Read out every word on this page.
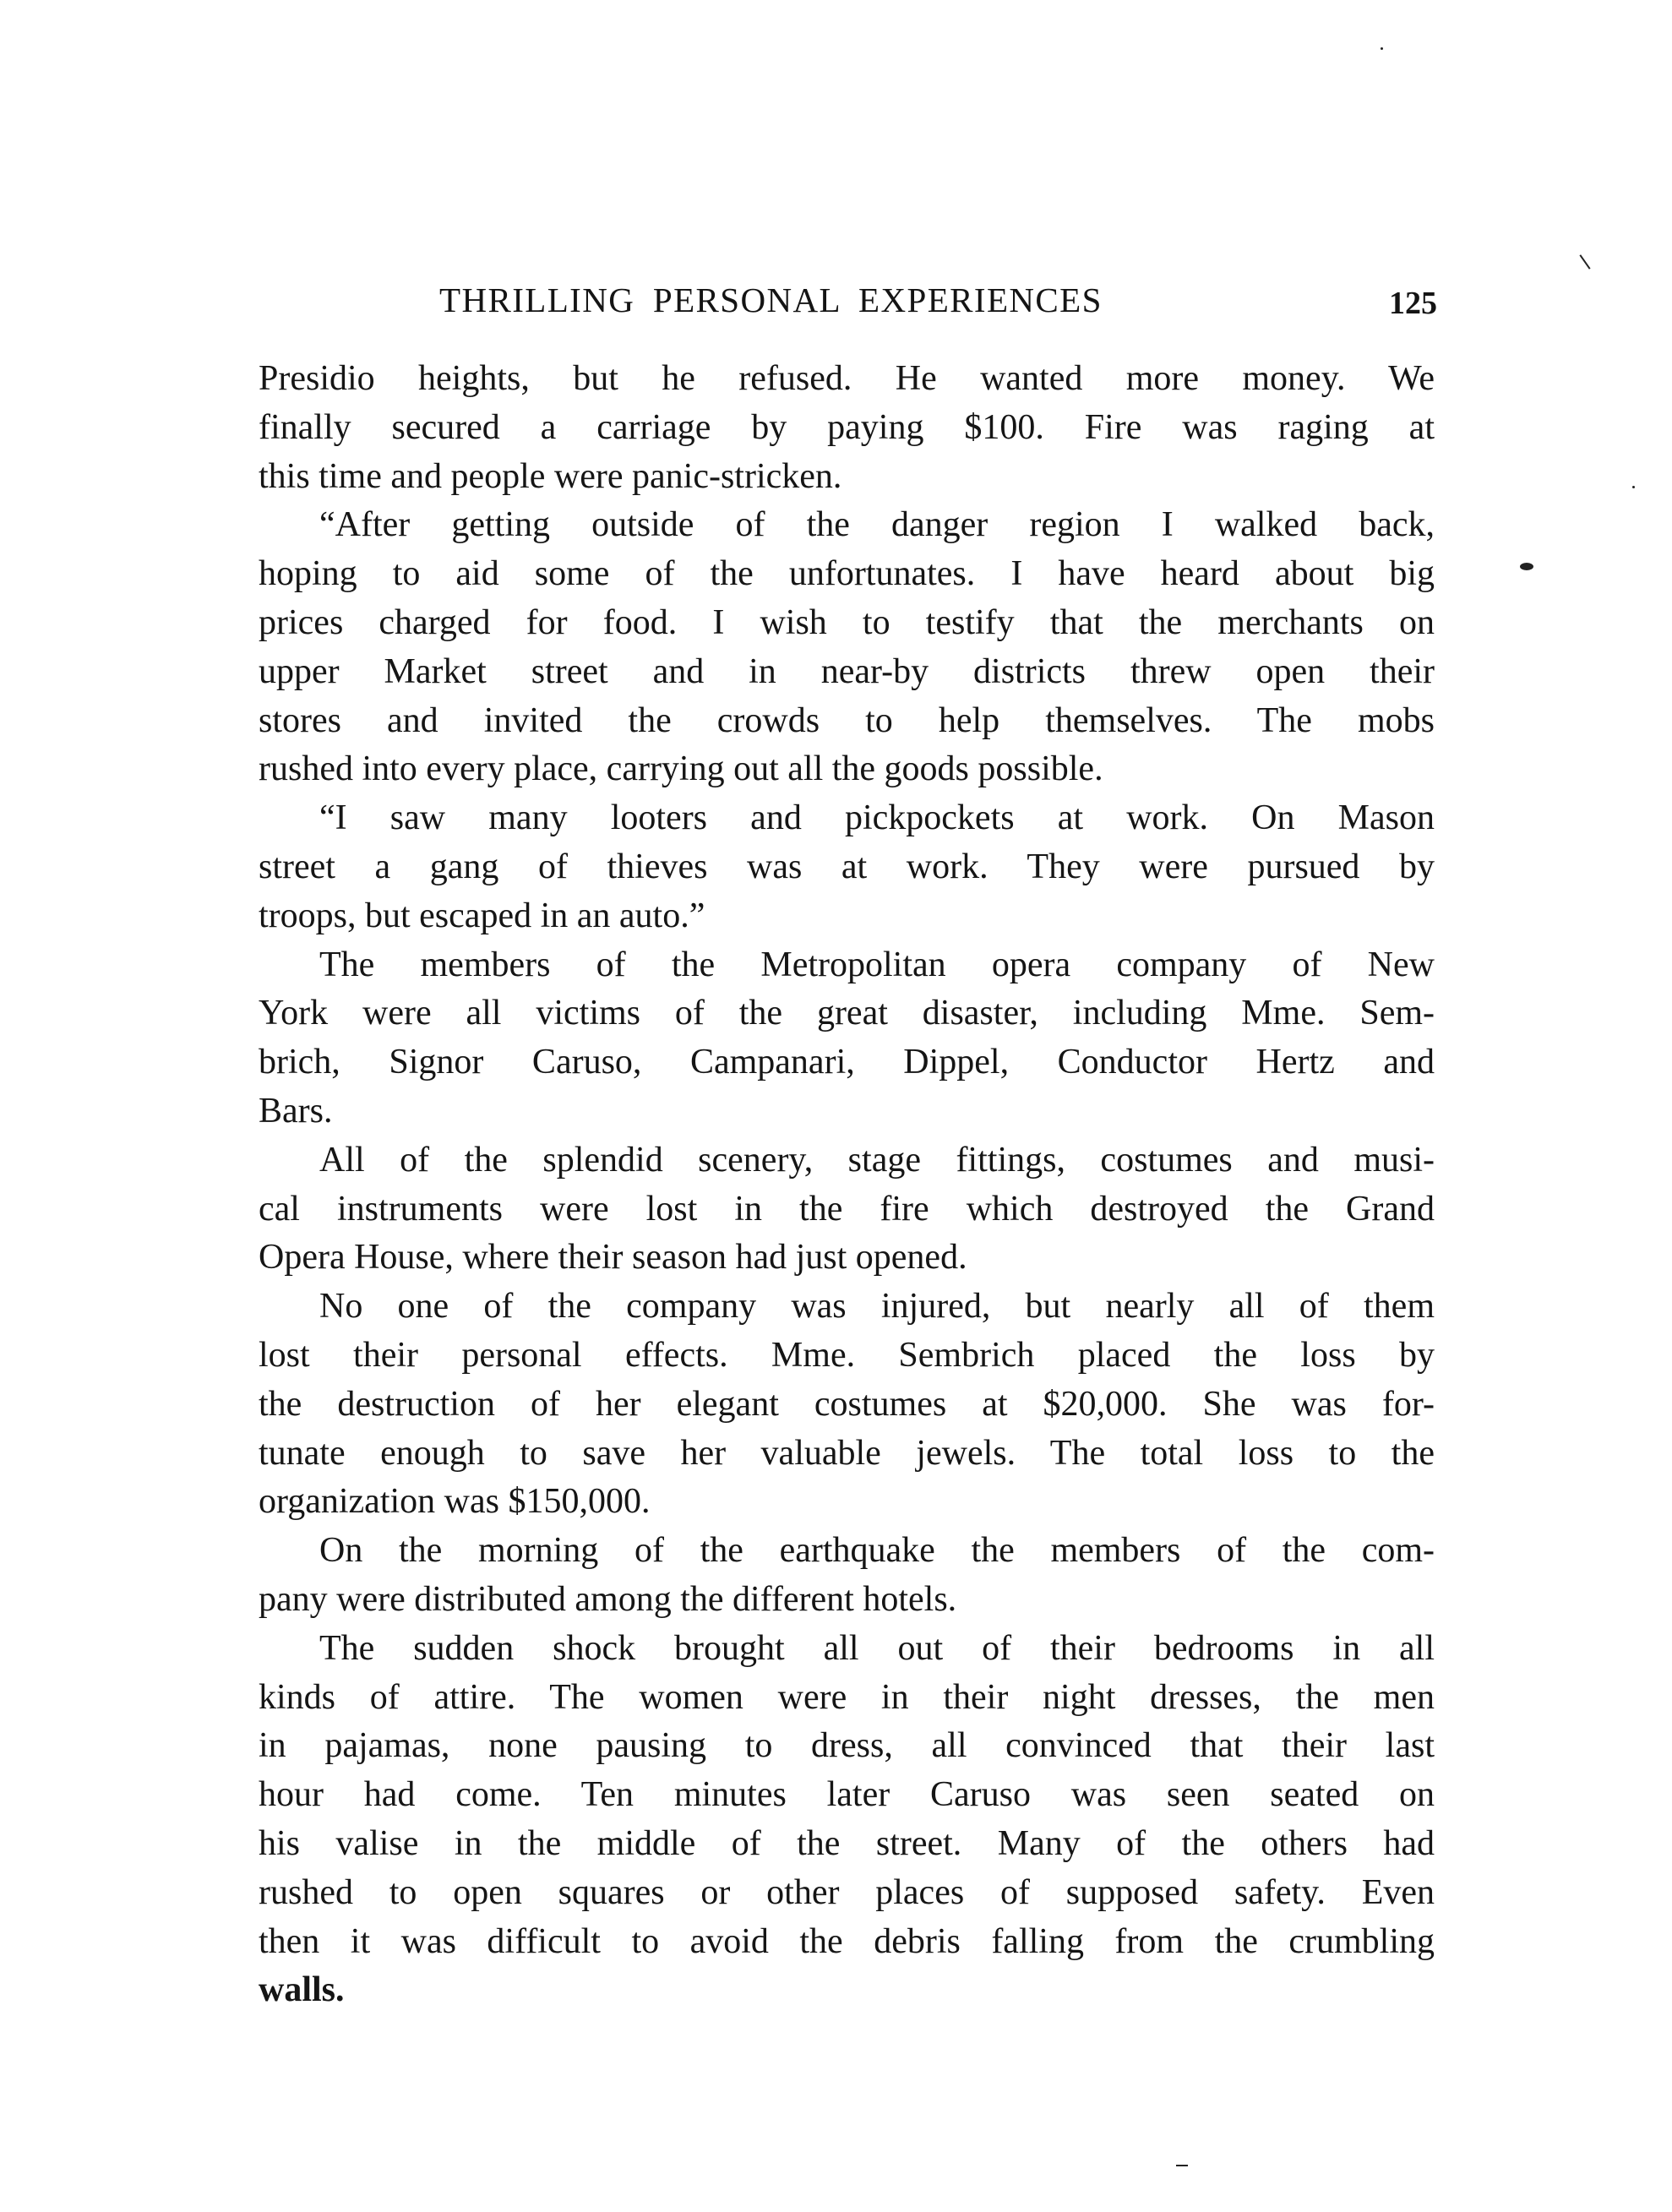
THRILLING PERSONAL EXPERIENCES	125
Presidio heights, but he refused. He wanted more money. We
finally secured a carriage by paying $100. Fire was raging at
this time and people were panic-stricken.
“After getting outside of the danger region I walked back,
hoping to aid some of the unfortunates. I have heard about big
prices charged for food. I wish to testify that the merchants on
upper Market street and in near-by districts threw open their
stores and invited the crowds to help themselves. The mobs
rushed into every place, carrying out all the goods possible.
“I saw many looters and pickpockets at work. On Mason
street a gang of thieves was at work. They were pursued by
troops, but escaped in an auto.”
The members of the Metropolitan opera company of New
York were all victims of the great disaster, including Mme. Sem-
brich, Signor Caruso, Campanari, Dippel, Conductor Hertz and
Bars.
All of the splendid scenery, stage fittings, costumes and musi-
cal instruments were lost in the fire which destroyed the Grand
Opera House, where their season had just opened.
No one of the company was injured, but nearly all of them
lost their personal effects. Mme. Sembrich placed the loss by
the destruction of her elegant costumes at $20,000. She was for-
tunate enough to save her valuable jewels. The total loss to the
organization was $150,000.
On the morning of the earthquake the members of the com-
pany were distributed among the different hotels.
The sudden shock brought all out of their bedrooms in all
kinds of attire. The women were in their night dresses, the men
in pajamas, none pausing to dress, all convinced that their last
hour had come. Ten minutes later Caruso was seen seated on
his valise in the middle of the street. Many of the others had
rushed to open squares or other places of supposed safety. Even
then it was difficult to avoid the debris falling from the crumbling
walls.
